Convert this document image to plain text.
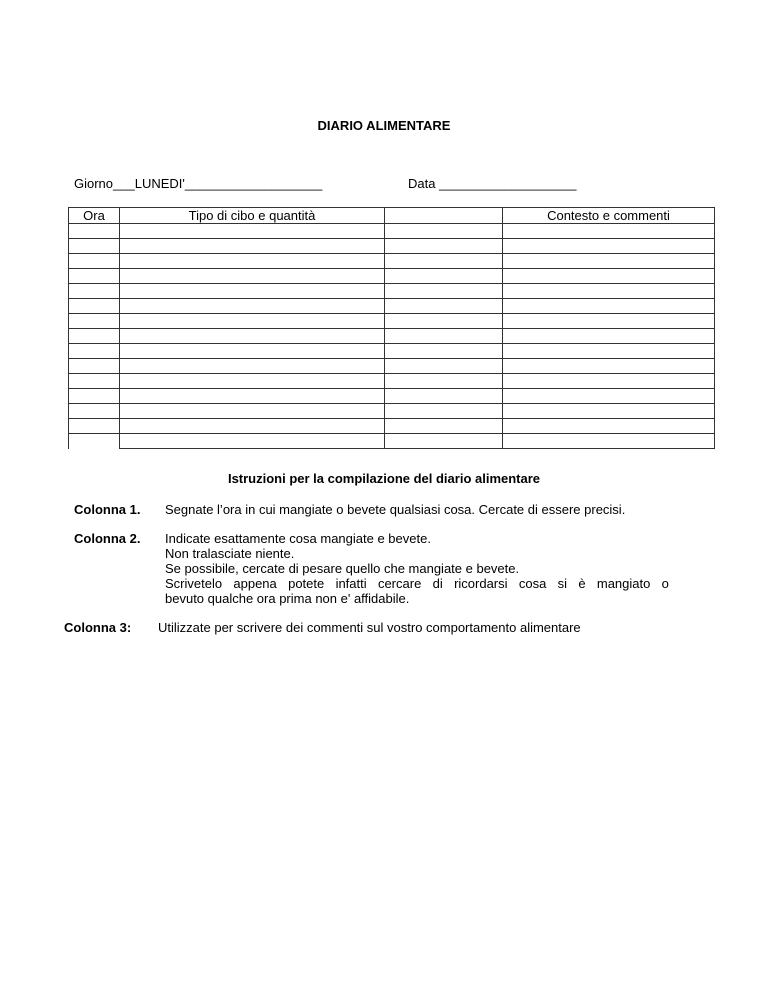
DIARIO ALIMENTARE
Giorno___LUNEDI'___________________	Data ___________________
Ora	Tipo di cibo e quantità		Contesto e commenti

Istruzioni per la compilazione del diario alimentare
Colonna 1. Segnate l’ora in cui mangiate o bevete qualsiasi cosa. Cercate di essere precisi.
Colonna 2. Indicate esattamente cosa mangiate e bevete.
Non tralasciate niente.
Se possibile, cercate di pesare quello che mangiate e bevete.
Scrivetelo appena potete infatti cercare di ricordarsi cosa si è mangiato o
bevuto qualche ora prima non e' affidabile.
Colonna 3: Utilizzate per scrivere dei commenti sul vostro comportamento alimentare
